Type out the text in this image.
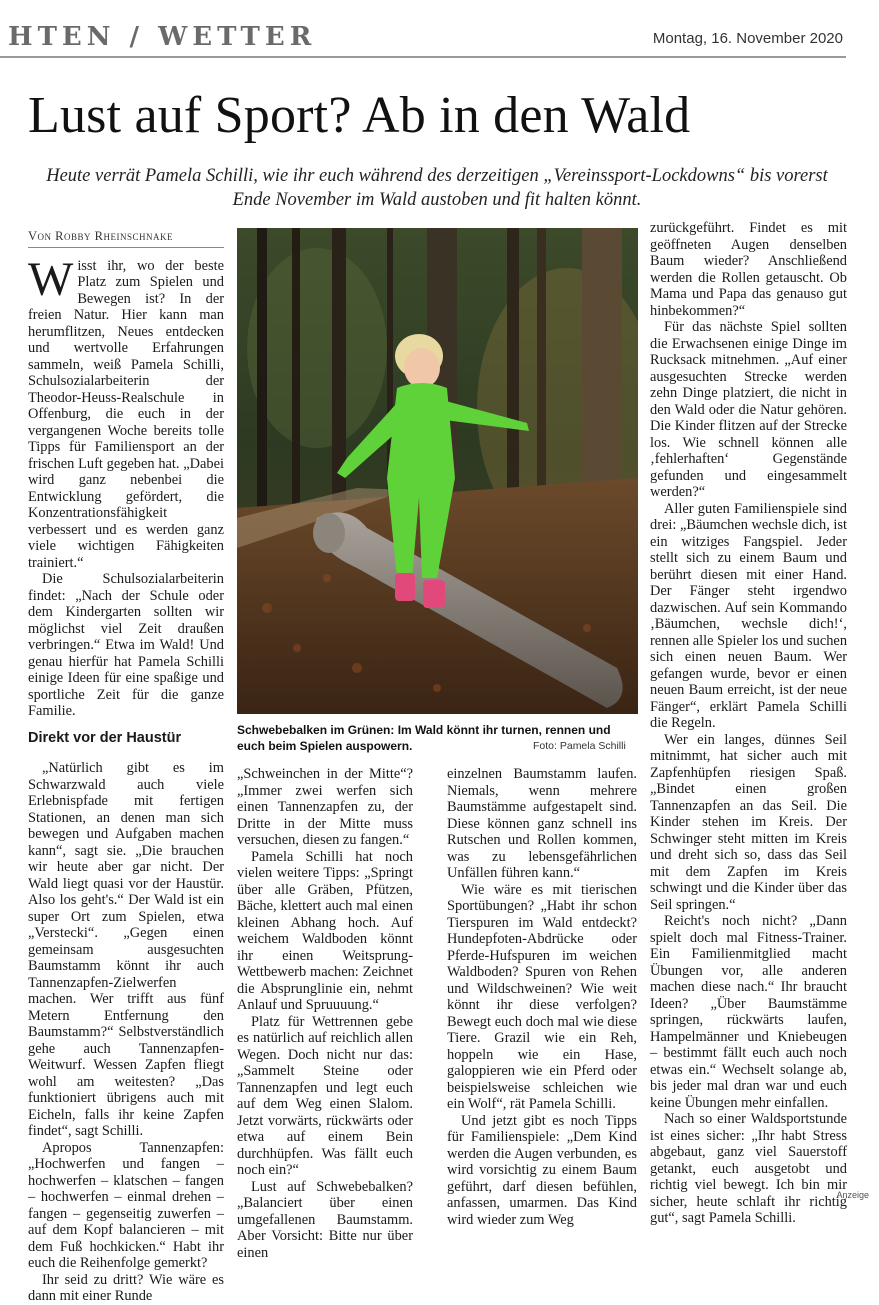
HTEN / WETTER	Montag, 16. November 2020
Lust auf Sport? Ab in den Wald
Heute verrät Pamela Schilli, wie ihr euch während des derzeitigen „Vereinssport-Lockdowns“ bis vorerst Ende November im Wald austoben und fit halten könnt.
Von Robby Rheinschnake

Wisst ihr, wo der beste Platz zum Spielen und Bewegen ist? In der freien Natur. Hier kann man herumflitzen, Neues entdecken und wertvolle Erfahrungen sammeln, weiß Pamela Schilli, Schulsozialarbeiterin der Theodor-Heuss-Realschule in Offenburg, die euch in der vergangenen Woche bereits tolle Tipps für Familiensport an der frischen Luft gegeben hat. „Dabei wird ganz nebenbei die Entwicklung gefördert, die Konzentrationsfähigkeit verbessert und es werden ganz viele wichtigen Fähigkeiten trainiert.“

Die Schulsozialarbeiterin findet: „Nach der Schule oder dem Kindergarten sollten wir möglichst viel Zeit draußen verbringen.“ Etwa im Wald! Und genau hierfür hat Pamela Schilli einige Ideen für eine spaßige und sportliche Zeit für die ganze Familie.

Direkt vor der Haustür

„Natürlich gibt es im Schwarzwald auch viele Erlebnispfade mit fertigen Stationen, an denen man sich bewegen und Aufgaben machen kann“, sagt sie. „Die brauchen wir heute aber gar nicht. Der Wald liegt quasi vor der Haustür. Also los geht's.“ Der Wald ist ein super Ort zum Spielen, etwa „Verstecki“. „Gegen einen gemeinsam ausgesuchten Baumstamm könnt ihr auch Tannenzapfen-Zielwerfen machen. Wer trifft aus fünf Metern Entfernung den Baumstamm?“ Selbstverständlich gehe auch Tannenzapfen-Weitwurf. Wessen Zapfen fliegt wohl am weitesten? „Das funktioniert übrigens auch mit Eicheln, falls ihr keine Zapfen findet“, sagt Schilli.

Apropos Tannenzapfen: „Hochwerfen und fangen – hochwerfen – klatschen – fangen – hochwerfen – einmal drehen – fangen – gegenseitig zuwerfen – auf dem Kopf balancieren – mit dem Fuß hochkicken.“ Habt ihr euch die Reihenfolge gemerkt?

Ihr seid zu dritt? Wie wäre es dann mit einer Runde

Schwebebalken im Grünen: Im Wald könnt ihr turnen, rennen und euch beim Spielen auspowern.	Foto: Pamela Schilli

„Schweinchen in der Mitte“? „Immer zwei werfen sich einen Tannenzapfen zu, der Dritte in der Mitte muss versuchen, diesen zu fangen.“

Pamela Schilli hat noch vielen weitere Tipps: „Springt über alle Gräben, Pfützen, Bäche, klettert auch mal einen kleinen Abhang hoch. Auf weichem Waldboden könnt ihr einen Weitsprung-Wettbewerb machen: Zeichnet die Absprunglinie ein, nehmt Anlauf und Spruuuung.“

Platz für Wettrennen gebe es natürlich auf reichlich allen Wegen. Doch nicht nur das: „Sammelt Steine oder Tannenzapfen und legt euch auf dem Weg einen Slalom. Jetzt vorwärts, rückwärts oder etwa auf einem Bein durchhüpfen. Was fällt euch noch ein?“

Lust auf Schwebebalken? „Balanciert über einen umgefallenen Baumstamm. Aber Vorsicht: Bitte nur über einen

einzelnen Baumstamm laufen. Niemals, wenn mehrere Baumstämme aufgestapelt sind. Diese können ganz schnell ins Rutschen und Rollen kommen, was zu lebensgefährlichen Unfällen führen kann.“

Wie wäre es mit tierischen Sportübungen? „Habt ihr schon Tierspuren im Wald entdeckt? Hundepfoten-Abdrücke oder Pferde-Hufspuren im weichen Waldboden? Spuren von Rehen und Wildschweinen? Wie weit könnt ihr diese verfolgen? Bewegt euch doch mal wie diese Tiere. Grazil wie ein Reh, hoppeln wie ein Hase, galoppieren wie ein Pferd oder beispielsweise schleichen wie ein Wolf“, rät Pamela Schilli.

Und jetzt gibt es noch Tipps für Familienspiele: „Dem Kind werden die Augen verbunden, es wird vorsichtig zu einem Baum geführt, darf diesen befühlen, anfassen, umarmen. Das Kind wird wieder zum Weg

zurückgeführt. Findet es mit geöffneten Augen denselben Baum wieder? Anschließend werden die Rollen getauscht. Ob Mama und Papa das genauso gut hinbekommen?“

Für das nächste Spiel sollten die Erwachsenen einige Dinge im Rucksack mitnehmen. „Auf einer ausgesuchten Strecke werden zehn Dinge platziert, die nicht in den Wald oder die Natur gehören. Die Kinder flitzen auf der Strecke los. Wie schnell können alle ‚fehlerhaften‘ Gegenstände gefunden und eingesammelt werden?“

Aller guten Familienspiele sind drei: „Bäumchen wechsle dich, ist ein witziges Fangspiel. Jeder stellt sich zu einem Baum und berührt diesen mit einer Hand. Der Fänger steht irgendwo dazwischen. Auf sein Kommando ‚Bäumchen, wechsle dich!‘, rennen alle Spieler los und suchen sich einen neuen Baum. Wer gefangen wurde, bevor er einen neuen Baum erreicht, ist der neue Fänger“, erklärt Pamela Schilli die Regeln.

Wer ein langes, dünnes Seil mitnimmt, hat sicher auch mit Zapfenhüpfen riesigen Spaß. „Bindet einen großen Tannenzapfen an das Seil. Die Kinder stehen im Kreis. Der Schwinger steht mitten im Kreis und dreht sich so, dass das Seil mit dem Zapfen im Kreis schwingt und die Kinder über das Seil springen.“

Reicht's noch nicht? „Dann spielt doch mal Fitness-Trainer. Ein Familienmitglied macht Übungen vor, alle anderen machen diese nach.“ Ihr braucht Ideen? „Über Baumstämme springen, rückwärts laufen, Hampelmänner und Kniebeugen – bestimmt fällt euch auch noch etwas ein.“ Wechselt solange ab, bis jeder mal dran war und euch keine Übungen mehr einfallen.

Nach so einer Waldsportstunde ist eines sicher: „Ihr habt Stress abgebaut, ganz viel Sauerstoff getankt, euch ausgetobt und richtig viel bewegt. Ich bin mir sicher, heute schlaft ihr richtig gut“, sagt Pamela Schilli.

Anzeige
